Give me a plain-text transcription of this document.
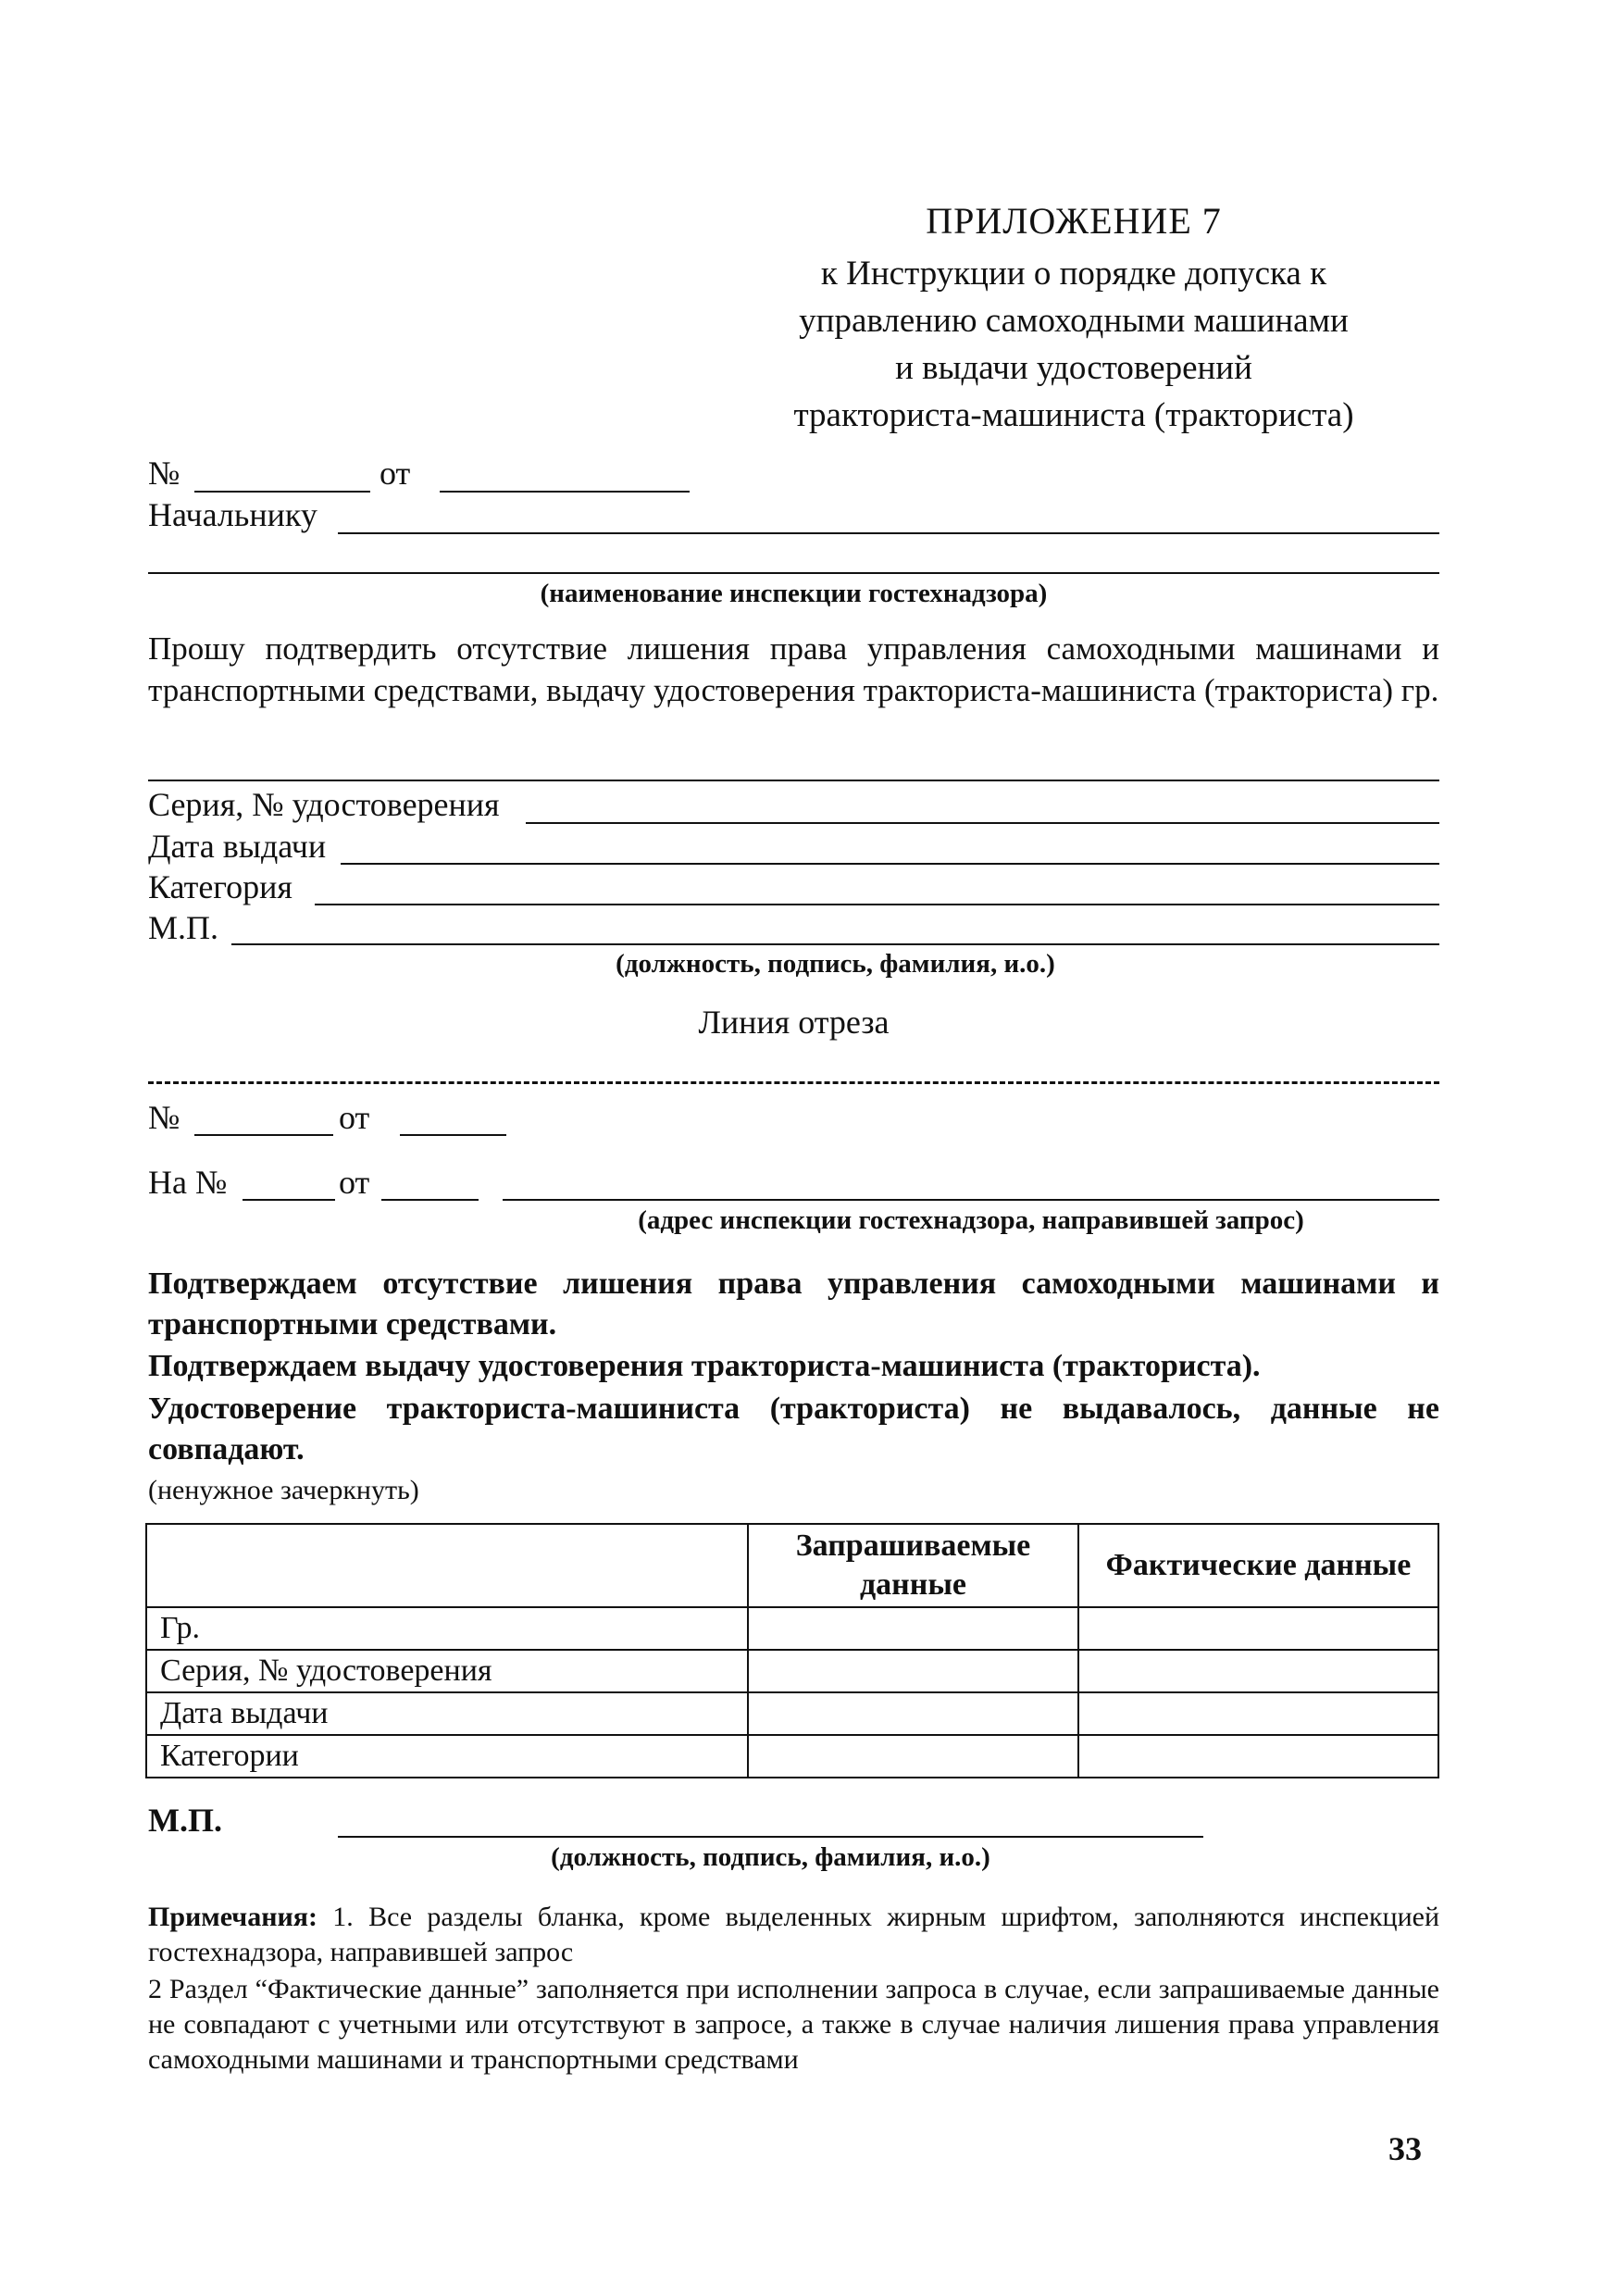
ПРИЛОЖЕНИЕ 7
к Инструкции о порядке допуска к
управлению самоходными машинами
и выдачи удостоверений
тракториста-машиниста (тракториста)
№	от
Начальнику
(наименование инспекции гостехнадзора)
Прошу подтвердить отсутствие лишения права управления самоходными машинами и транспортными средствами, выдачу удостоверения тракториста-машиниста (тракториста) гр.
Серия, № удостоверения
Дата выдачи
Категория
М.П.
(должность, подпись, фамилия, и.о.)
Линия отреза
№	от
На №	от
(адрес инспекции гостехнадзора, направившей запрос)
Подтверждаем отсутствие лишения права управления самоходными машинами и транспортными средствами.
Подтверждаем выдачу удостоверения тракториста-машиниста (тракториста).
Удостоверение тракториста-машиниста (тракториста) не выдавалось, данные не совпадают.
(ненужное зачеркнуть)
	Запрашиваемые данные	Фактические данные
Гр.		
Серия, № удостоверения		
Дата выдачи		
Категории		
М.П.
(должность, подпись, фамилия, и.о.)
Примечания: 1. Все разделы бланка, кроме выделенных жирным шрифтом, заполняются инспекцией гостехнадзора, направившей запрос
2 Раздел “Фактические данные” заполняется при исполнении запроса в случае, если запрашиваемые данные не совпадают с учетными или отсутствуют в запросе, а также в случае наличия лишения права управления самоходными машинами и транспортными средствами
33
